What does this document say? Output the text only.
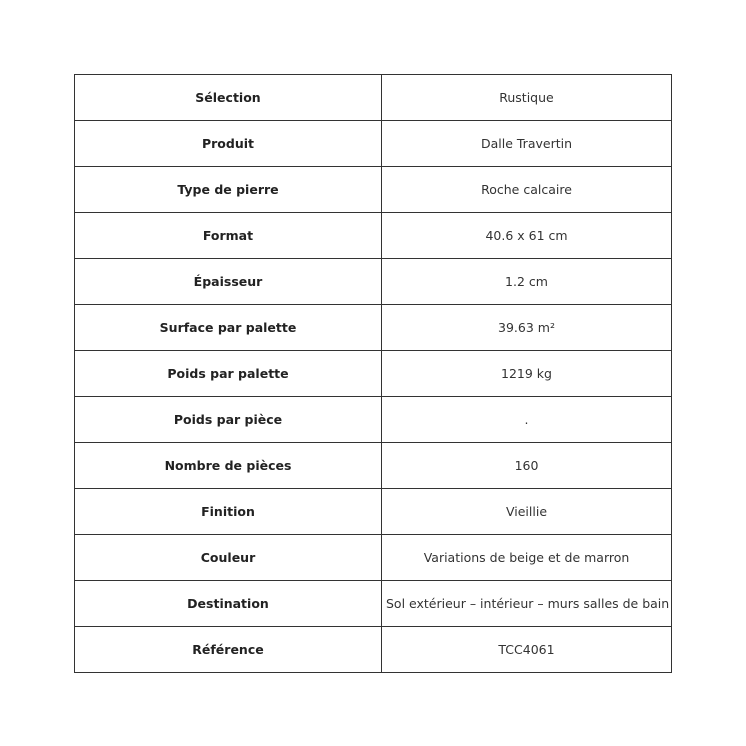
Sélection	Rustique
Produit	Dalle Travertin
Type de pierre	Roche calcaire
Format	40.6 x 61 cm
Épaisseur	1.2 cm
Surface par palette	39.63 m²
Poids par palette	1219 kg
Poids par pièce	.
Nombre de pièces	160
Finition	Vieillie
Couleur	Variations de beige et de marron
Destination	Sol extérieur – intérieur – murs salles de bain
Référence	TCC4061
